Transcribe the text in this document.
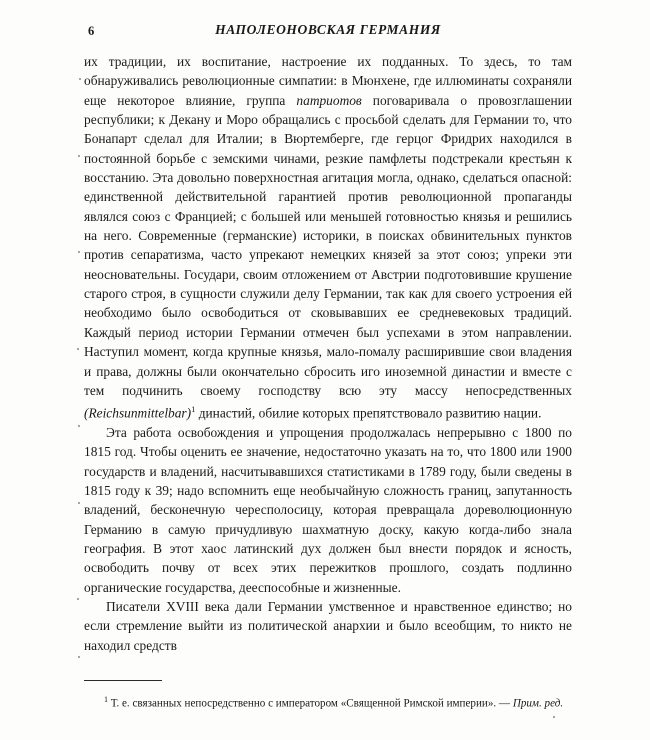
6	НАПОЛЕОНОВСКАЯ ГЕРМАНИЯ

их традиции, их воспитание, настроение их подданных. То здесь, то там обнаруживались революционные симпатии: в Мюнхене, где иллюминаты сохраняли еще некоторое влияние, группа патриотов поговаривала о провозглашении республики; к Декану и Моро обращались с просьбой сделать для Германии то, что Бонапарт сделал для Италии; в Вюртемберге, где герцог Фридрих находился в постоянной борьбе с земскими чинами, резкие памфлеты подстрекали крестьян к восстанию. Эта довольно поверхностная агитация могла, однако, сделаться опасной: единственной действительной гарантией против революционной пропаганды являлся союз с Францией; с большей или меньшей готовностью князья и решились на него. Современные (германские) историки, в поисках обвинительных пунктов против сепаратизма, часто упрекают немецких князей за этот союз; упреки эти неосновательны. Государи, своим отложением от Австрии подготовившие крушение старого строя, в сущности служили делу Германии, так как для своего устроения ей необходимо было освободиться от сковывавших ее средневековых традиций. Каждый период истории Германии отмечен был успехами в этом направлении. Наступил момент, когда крупные князья, мало-помалу расширившие свои владения и права, должны были окончательно сбросить иго иноземной династии и вместе с тем подчинить своему господству всю эту массу непосредственных (Reichsunmittelbar)$^1$ династий, обилие которых препятствовало развитию нации.

Эта работа освобождения и упрощения продолжалась непрерывно с 1800 по 1815 год. Чтобы оценить ее значение, недостаточно указать на то, что 1800 или 1900 государств и владений, насчитывавшихся статистиками в 1789 году, были сведены в 1815 году к 39; надо вспомнить еще необычайную сложность границ, запутанность владений, бесконечную чересполосицу, которая превращала дореволюционную Германию в самую причудливую шахматную доску, какую когда-либо знала география. В этот хаос латинский дух должен был внести порядок и ясность, освободить почву от всех этих пережитков прошлого, создать подлинно органические государства, дееспособные и жизненные.

Писатели XVIII века дали Германии умственное и нравственное единство; но если стремление выйти из политической анархии и было всеобщим, то никто не находил средств

$^1$ Т. е. связанных непосредственно с императором «Священной Римской империи». — Прим. ред.
